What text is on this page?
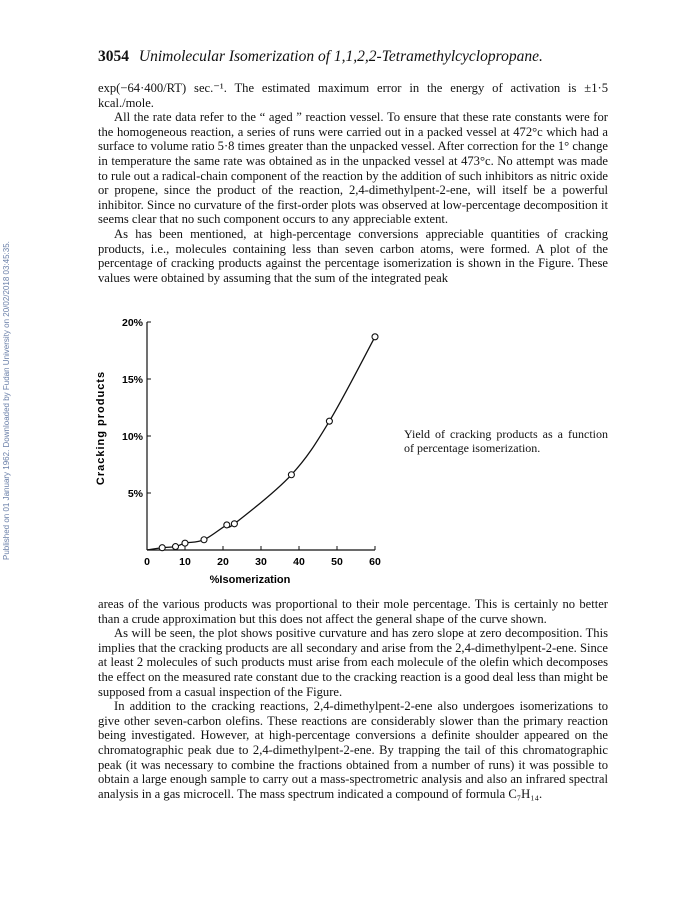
Published on 01 January 1962. Downloaded by Fudan University on 20/02/2018 03:45:35.
3054 Unimolecular Isomerization of 1,1,2,2-Tetramethylcyclopropane.

exp(−64·400/RT) sec.⁻¹. The estimated maximum error in the energy of activation is ±1·5 kcal./mole.

All the rate data refer to the “ aged ” reaction vessel. To ensure that these rate constants were for the homogeneous reaction, a series of runs were carried out in a packed vessel at 472°c which had a surface to volume ratio 5·8 times greater than the unpacked vessel. After correction for the 1° change in temperature the same rate was obtained as in the unpacked vessel at 473°c. No attempt was made to rule out a radical-chain component of the reaction by the addition of such inhibitors as nitric oxide or propene, since the product of the reaction, 2,4-dimethylpent-2-ene, will itself be a powerful inhibitor. Since no curvature of the first-order plots was observed at low-percentage decomposition it seems clear that no such component occurs to any appreciable extent.

As has been mentioned, at high-percentage conversions appreciable quantities of cracking products, i.e., molecules containing less than seven carbon atoms, were formed. A plot of the percentage of cracking products against the percentage isomerization is shown in the Figure. These values were obtained by assuming that the sum of the integrated peak

0	10	20	30	40	50	60
5%
10%
15%
20%
Cracking products
%Isomerization
Yield of cracking products as a function of percentage isomerization.

areas of the various products was proportional to their mole percentage. This is certainly no better than a crude approximation but this does not affect the general shape of the curve shown.

As will be seen, the plot shows positive curvature and has zero slope at zero decomposition. This implies that the cracking products are all secondary and arise from the 2,4-dimethylpent-2-ene. Since at least 2 molecules of such products must arise from each molecule of the olefin which decomposes the effect on the measured rate constant due to the cracking reaction is a good deal less than might be supposed from a casual inspection of the Figure.

In addition to the cracking reactions, 2,4-dimethylpent-2-ene also undergoes isomerizations to give other seven-carbon olefins. These reactions are considerably slower than the primary reaction being investigated. However, at high-percentage conversions a definite shoulder appeared on the chromatographic peak due to 2,4-dimethylpent-2-ene. By trapping the tail of this chromatographic peak (it was necessary to combine the fractions obtained from a number of runs) it was possible to obtain a large enough sample to carry out a mass-spectrometric analysis and also an infrared spectral analysis in a gas microcell. The mass spectrum indicated a compound of formula C₇H₁₄.
